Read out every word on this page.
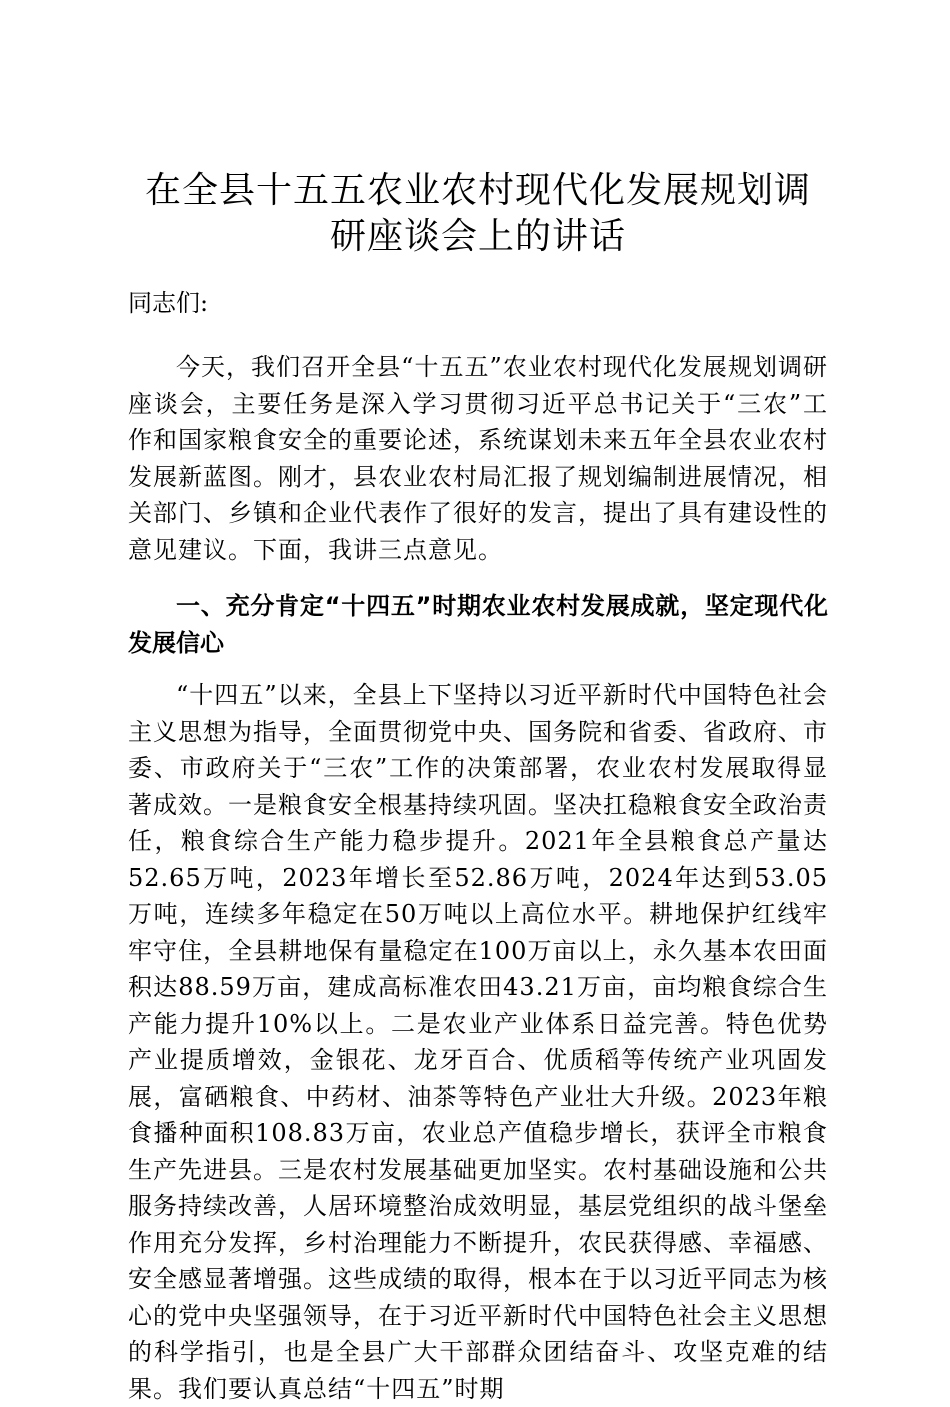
在全县十五五农业农村现代化发展规划调研座谈会上的讲话

同志们:

今天，我们召开全县“十五五”农业农村现代化发展规划调研座谈会，主要任务是深入学习贯彻习近平总书记关于“三农”工作和国家粮食安全的重要论述，系统谋划未来五年全县农业农村发展新蓝图。刚才，县农业农村局汇报了规划编制进展情况，相关部门、乡镇和企业代表作了很好的发言，提出了具有建设性的意见建议。下面，我讲三点意见。

一、充分肯定“十四五”时期农业农村发展成就，坚定现代化发展信心

“十四五”以来，全县上下坚持以习近平新时代中国特色社会主义思想为指导，全面贯彻党中央、国务院和省委、省政府、市委、市政府关于“三农”工作的决策部署，农业农村发展取得显著成效。一是粮食安全根基持续巩固。坚决扛稳粮食安全政治责任，粮食综合生产能力稳步提升。2021年全县粮食总产量达52.65万吨，2023年增长至52.86万吨，2024年达到53.05万吨，连续多年稳定在50万吨以上高位水平。耕地保护红线牢牢守住，全县耕地保有量稳定在100万亩以上，永久基本农田面积达88.59万亩，建成高标准农田43.21万亩，亩均粮食综合生产能力提升10%以上。二是农业产业体系日益完善。特色优势产业提质增效，金银花、龙牙百合、优质稻等传统产业巩固发展，富硒粮食、中药材、油茶等特色产业壮大升级。2023年粮食播种面积108.83万亩，农业总产值稳步增长，获评全市粮食生产先进县。三是农村发展基础更加坚实。农村基础设施和公共服务持续改善，人居环境整治成效明显，基层党组织的战斗堡垒作用充分发挥，乡村治理能力不断提升，农民获得感、幸福感、安全感显著增强。这些成绩的取得，根本在于以习近平同志为核心的党中央坚强领导，在于习近平新时代中国特色社会主义思想的科学指引，也是全县广大干部群众团结奋斗、攻坚克难的结果。我们要认真总结“十四五”时期
